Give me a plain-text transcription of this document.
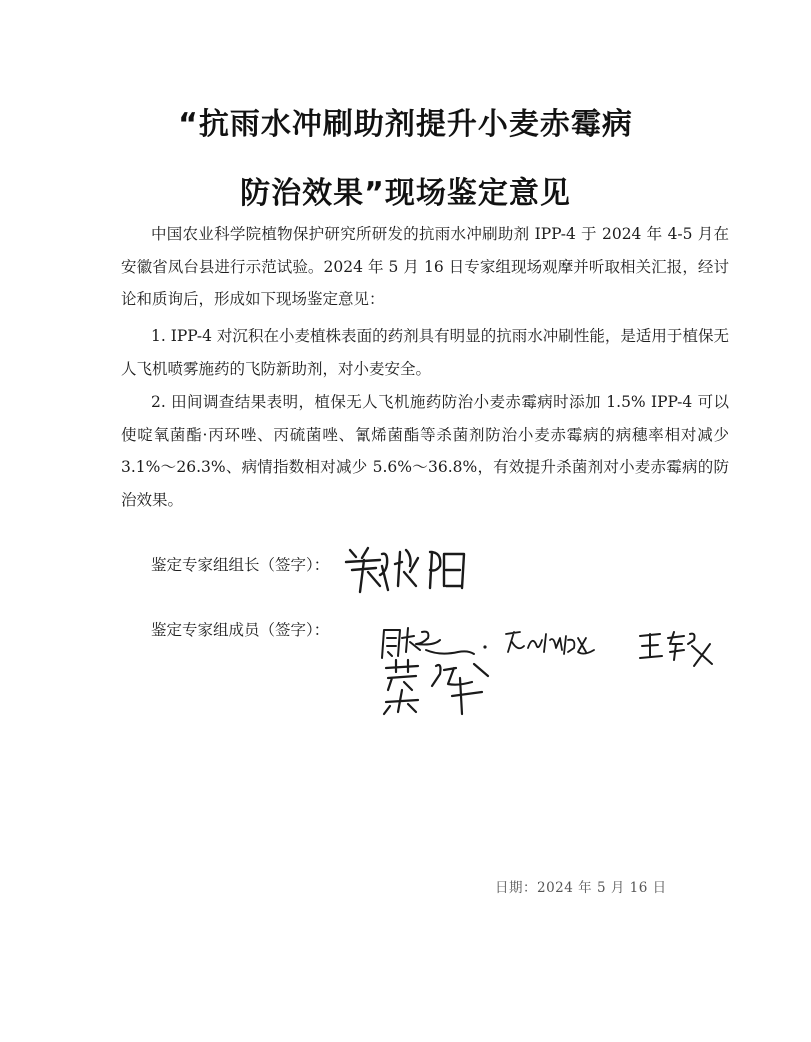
“抗雨水冲刷助剂提升小麦赤霉病
防治效果”现场鉴定意见

中国农业科学院植物保护研究所研发的抗雨水冲刷助剂 IPP-4 于 2024 年 4-5 月在安徽省凤台县进行示范试验。2024 年 5 月 16 日专家组现场观摩并听取相关汇报，经讨论和质询后，形成如下现场鉴定意见：

1. IPP-4 对沉积在小麦植株表面的药剂具有明显的抗雨水冲刷性能，是适用于植保无人飞机喷雾施药的飞防新助剂，对小麦安全。

2. 田间调查结果表明，植保无人飞机施药防治小麦赤霉病时添加 1.5% IPP-4 可以使啶氧菌酯·丙环唑、丙硫菌唑、氰烯菌酯等杀菌剂防治小麦赤霉病的病穗率相对减少 3.1%～26.3%、病情指数相对减少 5.6%～36.8%，有效提升杀菌剂对小麦赤霉病的防治效果。

鉴定专家组组长（签字）：
鉴定专家组成员（签字）：
日期：2024 年 5 月 16 日
